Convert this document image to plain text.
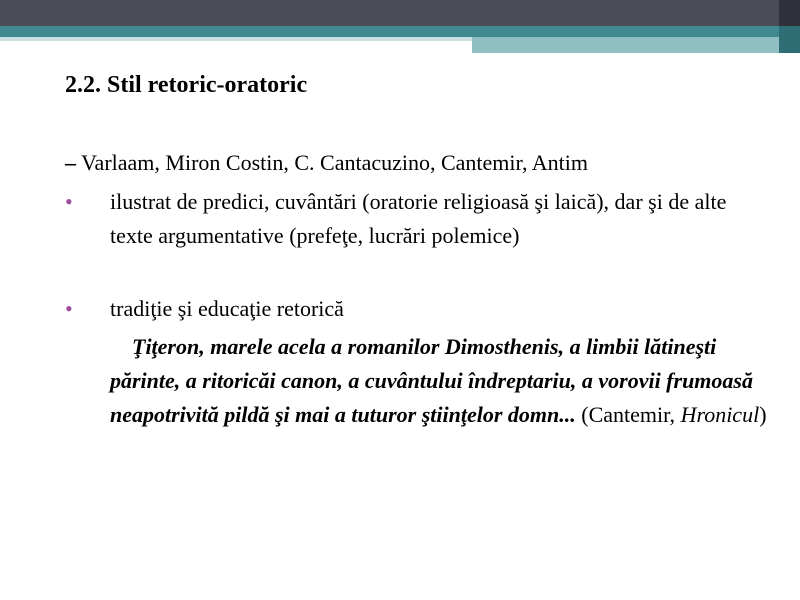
2.2. Stil retoric-oratoric

– Varlaam, Miron Costin, C. Cantacuzino, Cantemir, Antim

• ilustrat de predici, cuvântări (oratorie religioasă şi laică), dar şi de alte texte argumentative (prefeţe, lucrări polemice)
• tradiţie şi educaţie retorică

Ţiţeron, marele acela a romanilor Dimosthenis, a limbii lătineşti părinte, a ritoricăi canon, a cuvântului îndreptariu, a vorovii frumoasă neapotrivită pildă şi mai a tuturor ştiinţelor domn... (Cantemir, Hronicul)
